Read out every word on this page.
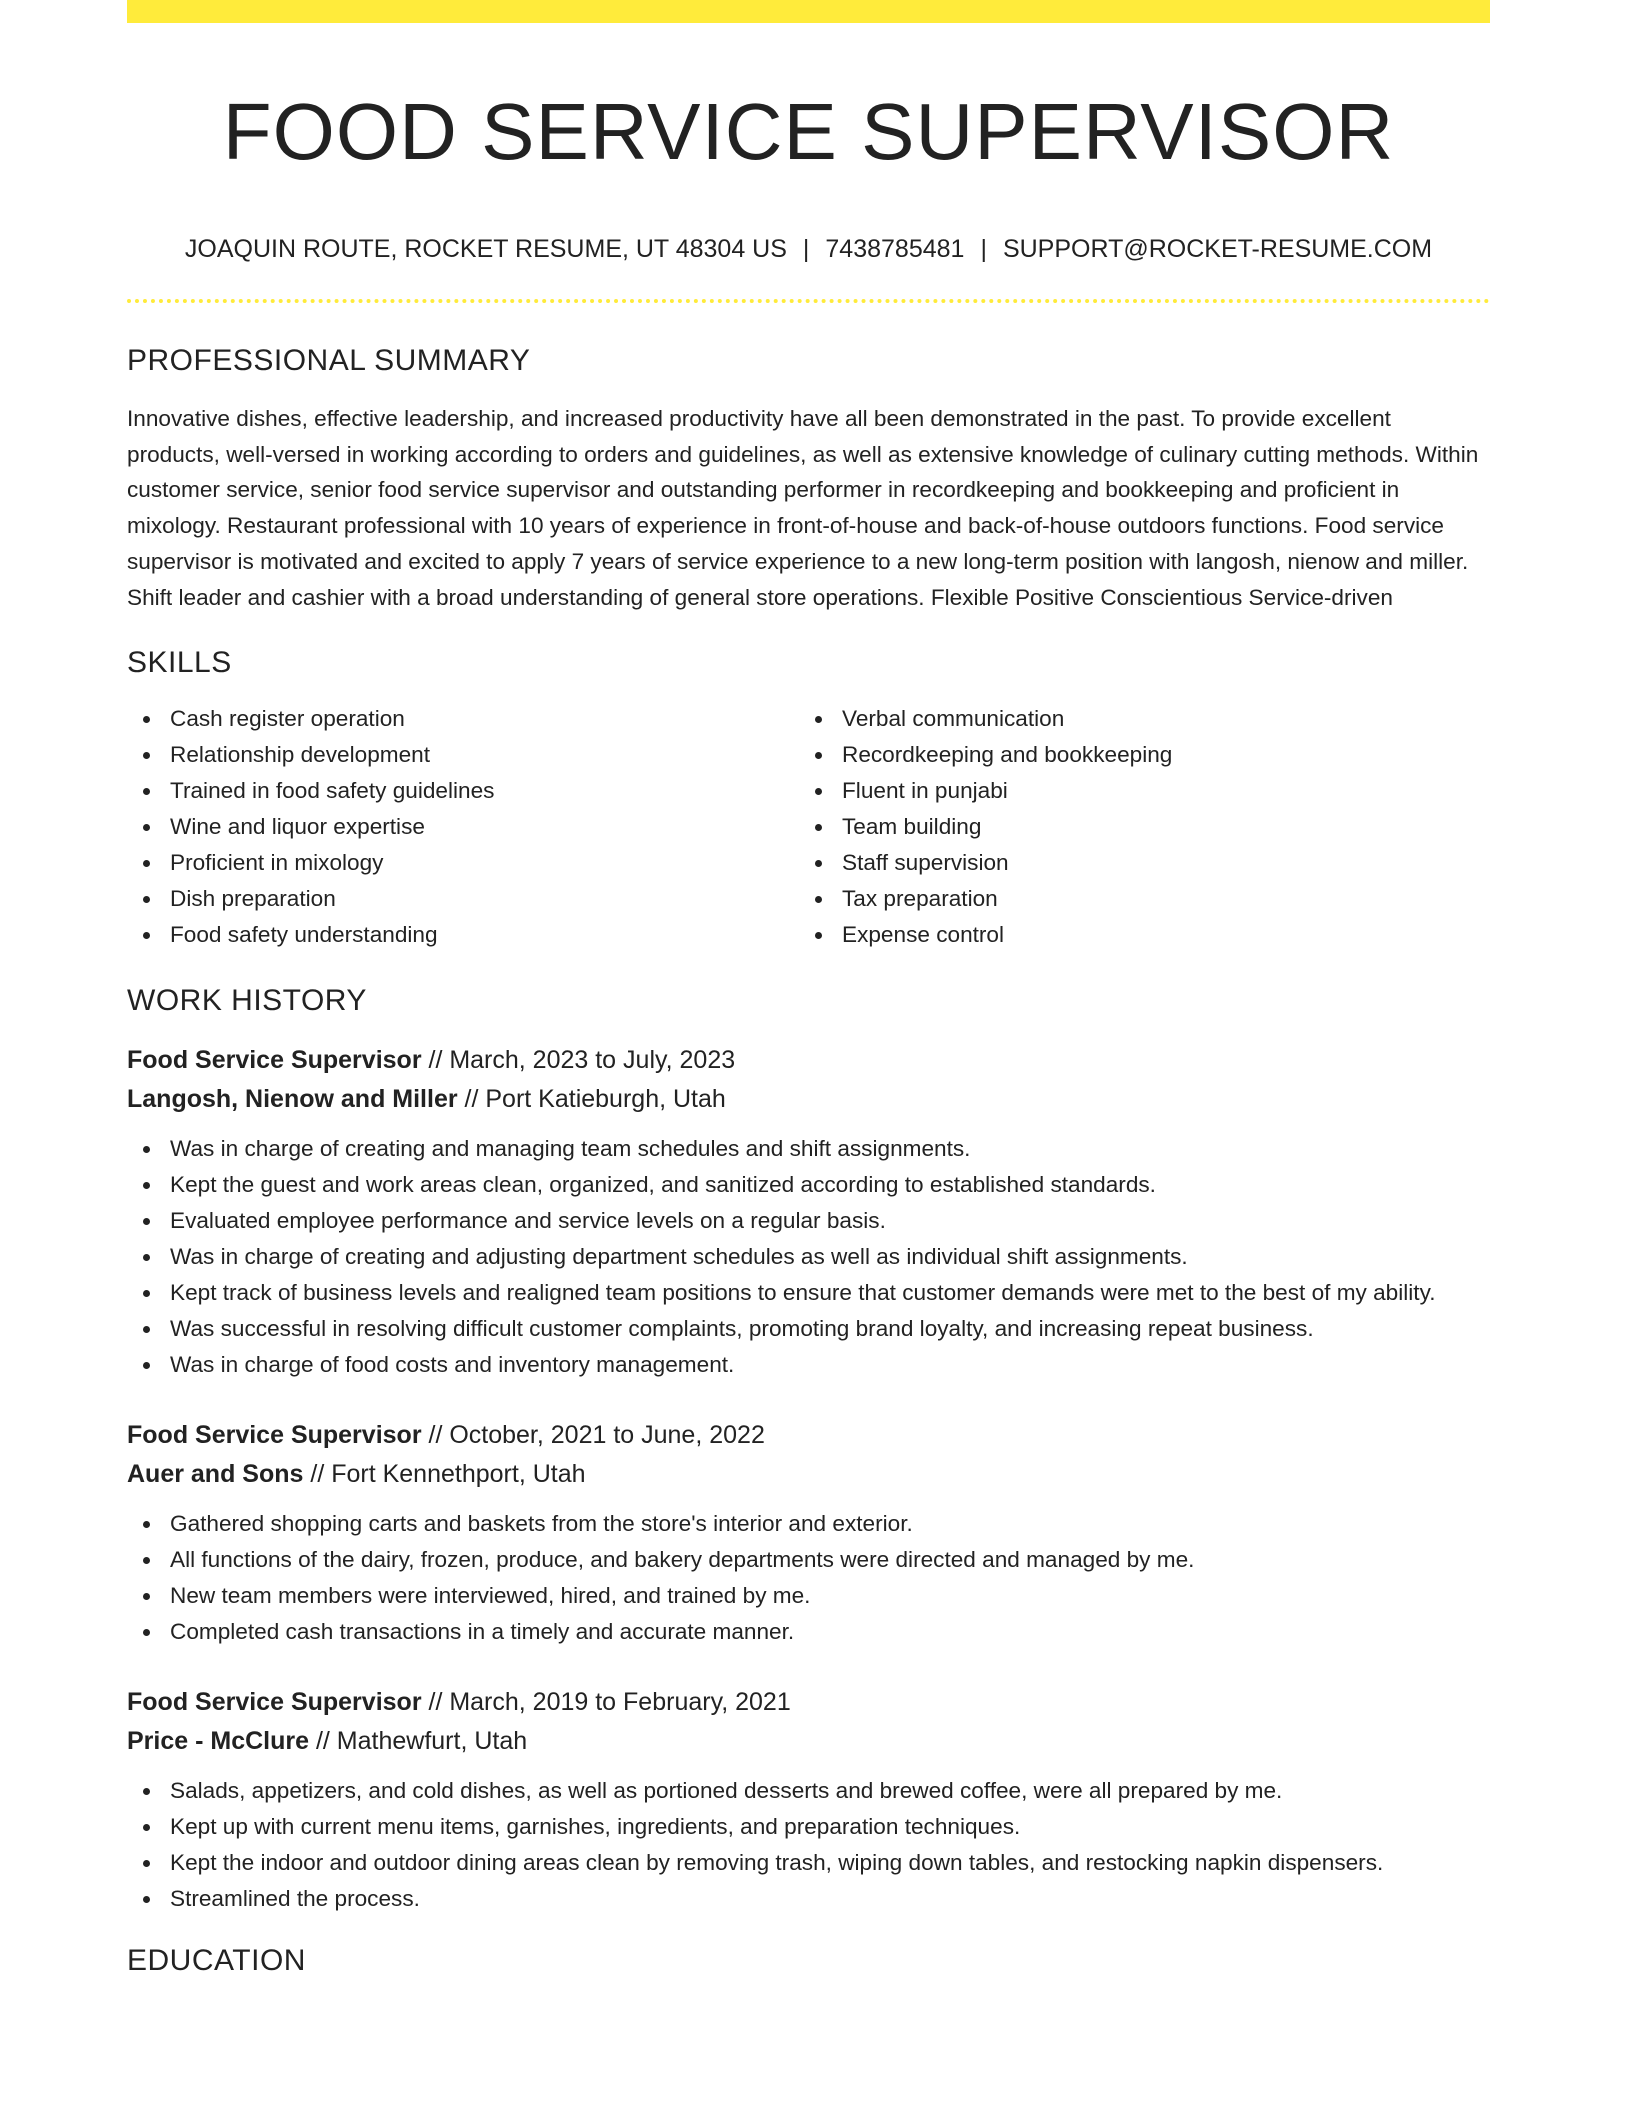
FOOD SERVICE SUPERVISOR
JOAQUIN ROUTE, ROCKET RESUME, UT 48304 US | 7438785481 | SUPPORT@ROCKET-RESUME.COM
PROFESSIONAL SUMMARY

Innovative dishes, effective leadership, and increased productivity have all been demonstrated in the past. To provide excellent products, well-versed in working according to orders and guidelines, as well as extensive knowledge of culinary cutting methods. Within customer service, senior food service supervisor and outstanding performer in recordkeeping and bookkeeping and proficient in mixology. Restaurant professional with 10 years of experience in front-of-house and back-of-house outdoors functions. Food service supervisor is motivated and excited to apply 7 years of service experience to a new long-term position with langosh, nienow and miller. Shift leader and cashier with a broad understanding of general store operations. Flexible Positive Conscientious Service-driven

SKILLS
Cash register operation
Relationship development
Trained in food safety guidelines
Wine and liquor expertise
Proficient in mixology
Dish preparation
Food safety understanding
Verbal communication
Recordkeeping and bookkeeping
Fluent in punjabi
Team building
Staff supervision
Tax preparation
Expense control
WORK HISTORY
Food Service Supervisor // March, 2023 to July, 2023
Langosh, Nienow and Miller // Port Katieburgh, Utah
Was in charge of creating and managing team schedules and shift assignments.
Kept the guest and work areas clean, organized, and sanitized according to established standards.
Evaluated employee performance and service levels on a regular basis.
Was in charge of creating and adjusting department schedules as well as individual shift assignments.
Kept track of business levels and realigned team positions to ensure that customer demands were met to the best of my ability.
Was successful in resolving difficult customer complaints, promoting brand loyalty, and increasing repeat business.
Was in charge of food costs and inventory management.
Food Service Supervisor // October, 2021 to June, 2022
Auer and Sons // Fort Kennethport, Utah
Gathered shopping carts and baskets from the store's interior and exterior.
All functions of the dairy, frozen, produce, and bakery departments were directed and managed by me.
New team members were interviewed, hired, and trained by me.
Completed cash transactions in a timely and accurate manner.
Food Service Supervisor // March, 2019 to February, 2021
Price - McClure // Mathewfurt, Utah
Salads, appetizers, and cold dishes, as well as portioned desserts and brewed coffee, were all prepared by me.
Kept up with current menu items, garnishes, ingredients, and preparation techniques.
Kept the indoor and outdoor dining areas clean by removing trash, wiping down tables, and restocking napkin dispensers.
Streamlined the process.
EDUCATION
